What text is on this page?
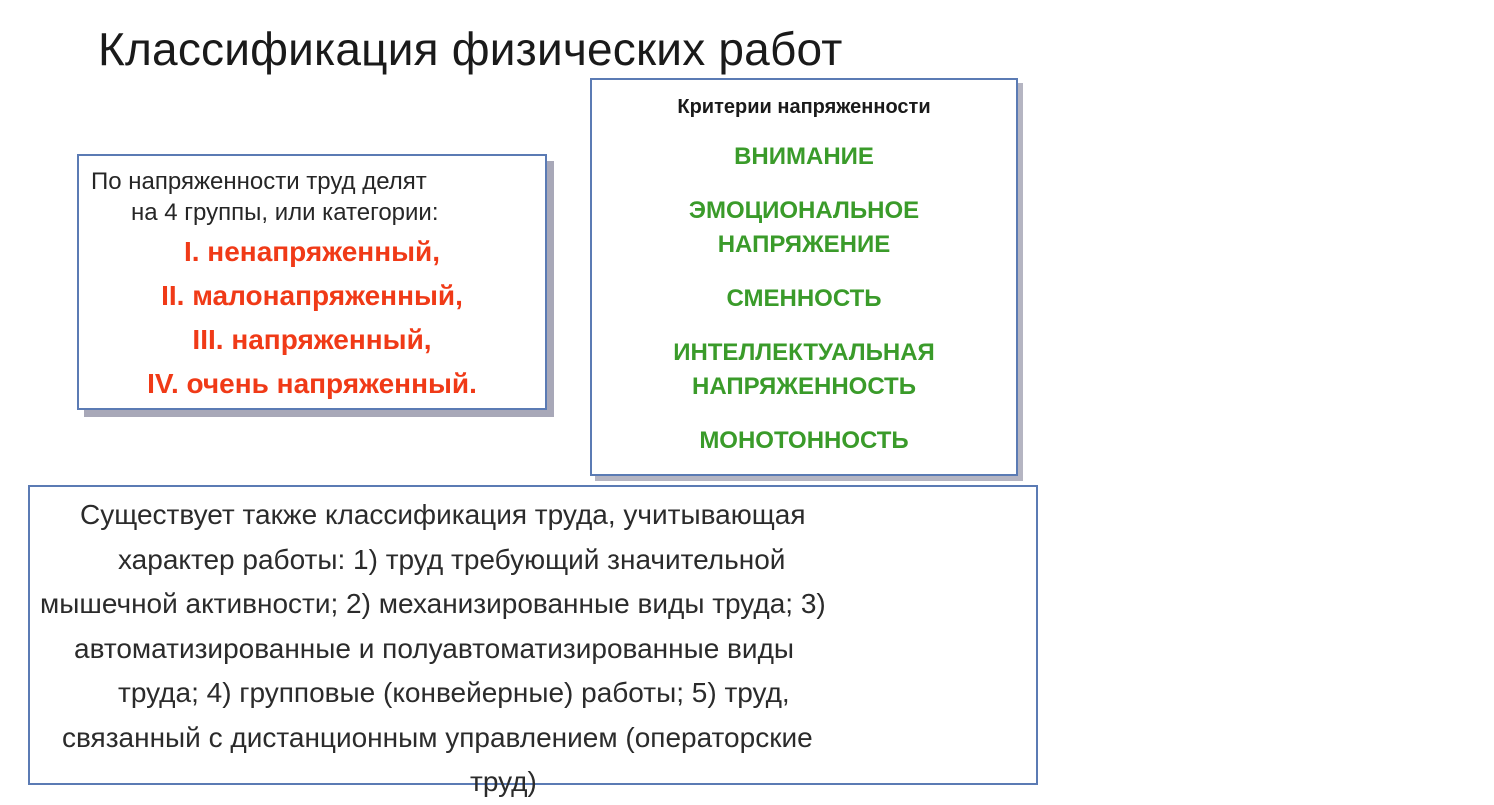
Классификация физических работ
По напряженности труд делят
на 4 группы, или категории:
I. ненапряженный,
II. малонапряженный,
III. напряженный,
IV. очень напряженный.
Критерии напряженности
ВНИМАНИЕ
ЭМОЦИОНАЛЬНОЕ
НАПРЯЖЕНИЕ
СМЕННОСТЬ
ИНТЕЛЛЕКТУАЛЬНАЯ
НАПРЯЖЕННОСТЬ
МОНОТОННОСТЬ
Существует также классификация труда, учитывающая
характер работы: 1) труд требующий значительной
мышечной активности; 2) механизированные виды труда; 3)
автоматизированные и полуавтоматизированные виды
труда; 4) групповые (конвейерные) работы; 5) труд,
связанный с дистанционным управлением (операторские
труд)
